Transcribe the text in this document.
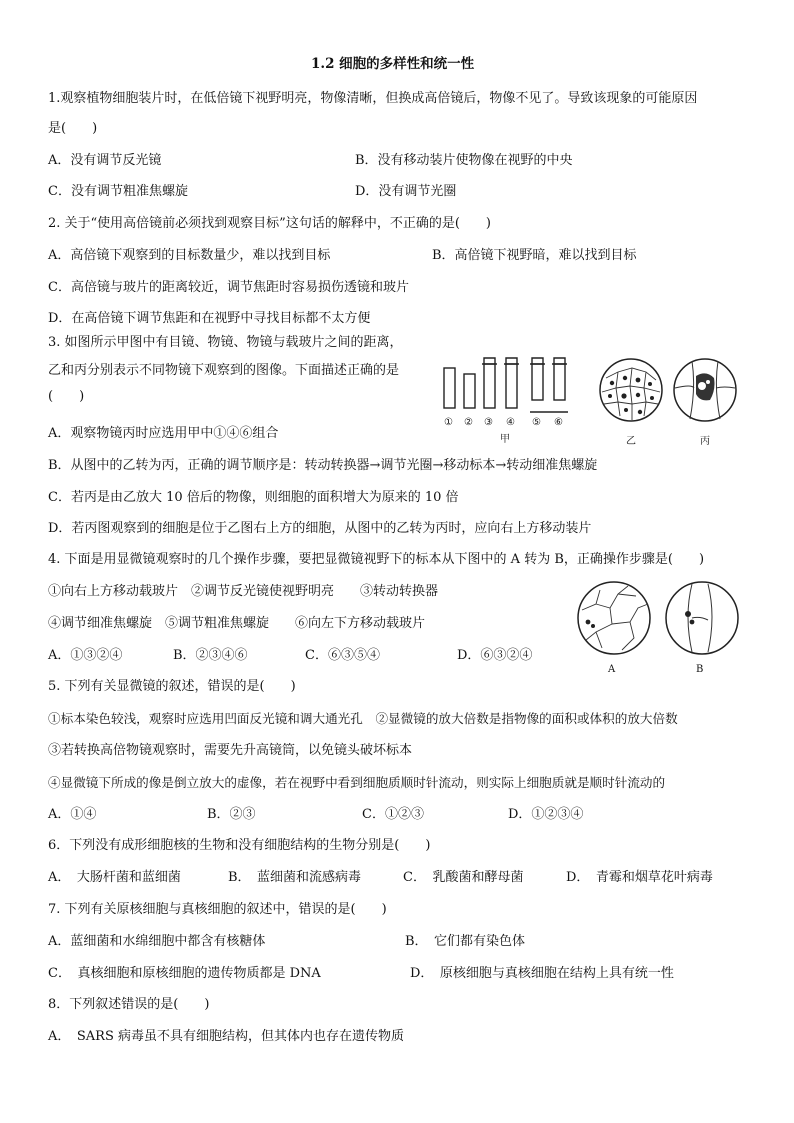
1.2 细胞的多样性和统一性
1.观察植物细胞装片时，在低倍镜下视野明亮，物像清晰，但换成高倍镜后，物像不见了。导致该现象的可能原因
是(　　)
A．没有调节反光镜	B．没有移动装片使物像在视野的中央
C．没有调节粗准焦螺旋	D．没有调节光圈
2. 关于“使用高倍镜前必须找到观察目标”这句话的解释中，不正确的是(　　)
A．高倍镜下观察到的目标数量少，难以找到目标	B．高倍镜下视野暗，难以找到目标
C．高倍镜与玻片的距离较近，调节焦距时容易损伤透镜和玻片
D．在高倍镜下调节焦距和在视野中寻找目标都不太方便
3. 如图所示甲图中有目镜、物镜、物镜与载玻片之间的距离，
乙和丙分别表示不同物镜下观察到的图像。下面描述正确的是
(　　)
① ② ③ ④ ⑤ ⑥
甲	乙	丙
A．观察物镜丙时应选用甲中①④⑥组合
B．从图中的乙转为丙，正确的调节顺序是：转动转换器→调节光圈→移动标本→转动细准焦螺旋
C．若丙是由乙放大 10 倍后的物像，则细胞的面积增大为原来的 10 倍
D．若丙图观察到的细胞是位于乙图右上方的细胞，从图中的乙转为丙时，应向右上方移动装片
4. 下面是用显微镜观察时的几个操作步骤，要把显微镜视野下的标本从下图中的 A 转为 B，正确操作步骤是(　　)
①向右上方移动载玻片　②调节反光镜使视野明亮　　③转动转换器
④调节细准焦螺旋　⑤调节粗准焦螺旋　　⑥向左下方移动载玻片
A	B
A．①③②④	B．②③④⑥	C．⑥③⑤④	D．⑥③②④
5. 下列有关显微镜的叙述，错误的是(　　)
①标本染色较浅，观察时应选用凹面反光镜和调大通光孔　②显微镜的放大倍数是指物像的面积或体积的放大倍数
③若转换高倍物镜观察时，需要先升高镜筒，以免镜头破坏标本
④显微镜下所成的像是倒立放大的虚像，若在视野中看到细胞质顺时针流动，则实际上细胞质就是顺时针流动的
A．①④	B．②③	C．①②③	D．①②③④
6．下列没有成形细胞核的生物和没有细胞结构的生物分别是(　　)
A．　大肠杆菌和蓝细菌	B．　蓝细菌和流感病毒	C．　乳酸菌和酵母菌	D．　青霉和烟草花叶病毒
7. 下列有关原核细胞与真核细胞的叙述中，错误的是(　　)
A．蓝细菌和水绵细胞中都含有核糖体	B．　它们都有染色体
C．　真核细胞和原核细胞的遗传物质都是 DNA	D．　原核细胞与真核细胞在结构上具有统一性
8．下列叙述错误的是(　　)
A．　SARS 病毒虽不具有细胞结构，但其体内也存在遗传物质
